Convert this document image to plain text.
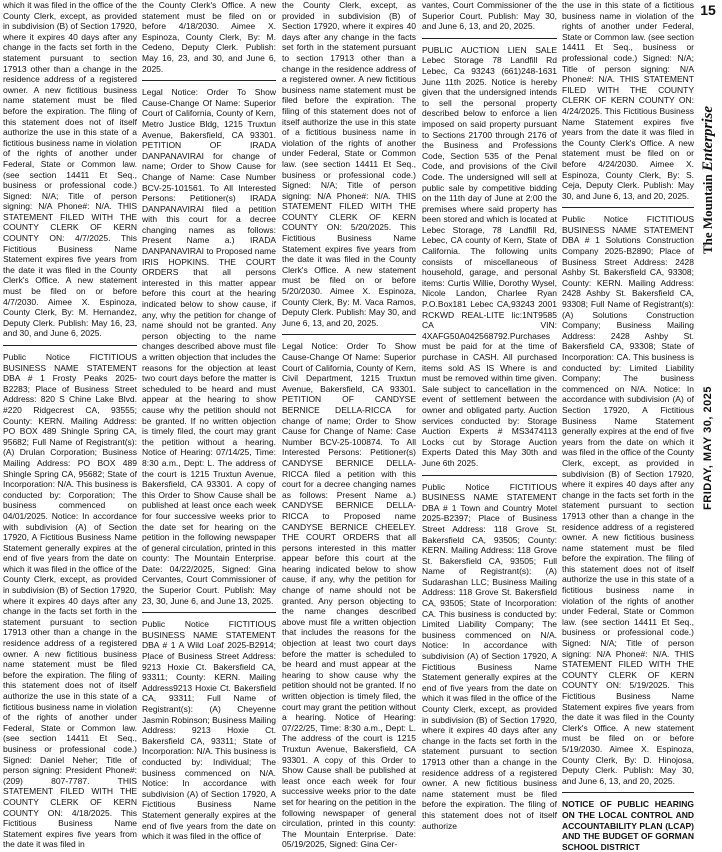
which it was filed in the office of the County Clerk, except, as provided in subdivision (B) of Section 17920, where it expires 40 days after any change in the facts set forth in the statement pursuant to section 17913 other than a change in the residence address of a registered owner. A new fictitious business name statement must be filed before the expiration. The filing of this statement does not of itself authorize the use in this state of a fictitious business name in violation of the rights of another under Federal, State or Common law. (see section 14411 Et Seq., business or professional code.) Signed: N/A; Title of person signing: N/A Phone#: N/A. THIS STATEMENT FILED WITH THE COUNTY CLERK OF KERN COUNTY ON: 4/7/2025. This Fictitious Business Name Statement expires five years from the date it was filed in the County Clerk's Office. A new statement must be filed on or before 4/7/2030. Aimee X. Espinoza, County Clerk, By: M. Hernandez, Deputy Clerk. Publish: May 16, 23, and 30, and June 6, 2025.
Public Notice FICTITIOUS BUSINESS NAME STATEMENT DBA # 1 Frosty Peaks 2025-B2283; Place of Business Street Address: 820 S Chine Lake Blvd. #220 Ridgecrest CA, 93555; County: KERN. Mailing Address: PO BOX 489 Shingle Spring CA, 95682; Full Name of Registrant(s): (A) Drulan Corporation; Business Mailing Address: PO BOX 489 Shingle Spring CA, 95682; State of Incorporation: N/A. This business is conducted by: Corporation; The business commenced on 04/01/2025. Notice: In accordance with subdivision (A) of Section 17920, A Fictitious Business Name Statement generally expires at the end of five years from the date on which it was filed in the office of the County Clerk, except, as provided in subdivision (B) of Section 17920, where it expires 40 days after any change in the facts set forth in the statement pursuant to section 17913 other than a change in the residence address of a registered owner. A new fictitious business name statement must be filed before the expiration. The filing of this statement does not of itself authorize the use in this state of a fictitious business name in violation of the rights of another under Federal, State or Common law. (see section 14411 Et Seq., business or professional code.) Signed: Daniel Neher; Title of person signing: President Phone#: (209) 807-7787. THIS STATEMENT FILED WITH THE COUNTY CLERK OF KERN COUNTY ON: 4/18/2025. This Fictitious Business Name Statement expires five years from the date it was filed in
the County Clerk's Office. A new statement must be filed on or before 4/18/2030. Aimee X. Espinoza, County Clerk, By: M. Cedeno, Deputy Clerk. Publish: May 16, 23, and 30, and June 6, 2025.
Legal Notice: Order To Show Cause-Change Of Name: Superior Court of California, County of Kern, Metro Justice Bldg, 1215 Truxtun Avenue, Bakersfield, CA 93301. PETITION OF IRADA DANPANAVIRAI for change of name; Order to Show Cause for Change of Name: Case Number BCV-25-101561. To All Interested Persons: Petitioner(s) IRADA DANPANAVIRAI filed a petition with this court for a decree changing names as follows: Present Name a.) IRADA DANPANAVIRAI to Proposed name IRIS HOPKINS. THE COURT ORDERS that all persons interested in this matter appear before this court at the hearing indicated below to show cause, if any, why the petition for change of name should not be granted. Any person objecting to the name changes described above must file a written objection that includes the reasons for the objection at least two court days before the matter is scheduled to be heard and must appear at the hearing to show cause why the petition should not be granted. If no written objection is timely filed, the court may grant the petition without a hearing. Notice of Hearing: 07/14/25, Time: 8:30 a.m., Dept: L. The address of the court is 1215 Truxtun Avenue, Bakersfield, CA 93301. A copy of this Order to Show Cause shall be published at least once each week for four successive weeks prior to the date set for hearing on the petition in the following newspaper of general circulation, printed in this county: The Mountain Enterprise. Date: 04/22/2025, Signed: Gina Cervantes, Court Commissioner of the Superior Court. Publish: May 23, 30, June 6, and June 13, 2025.
Public Notice FICTITIOUS BUSINESS NAME STATEMENT DBA # 1 A Wild Loaf 2025-B2914; Place of Business Street Address: 9213 Hoxie Ct. Bakersfield CA, 93311; County: KERN. Mailing Address9213 Hoxie Ct. Bakersfield CA, 93311; Full Name of Registrant(s): (A) Cheyenne Jasmin Robinson; Business Mailing Address: 9213 Hoxie Ct. Bakersfield CA, 93311; State of Incorporation: N/A. This business is conducted by: Individual; The business commenced on N/A. Notice: In accordance with subdivision (A) of Section 17920, A Fictitious Business Name Statement generally expires at the end of five years from the date on which it was filed in the office of
the County Clerk, except, as provided in subdivision (B) of Section 17920, where it expires 40 days after any change in the facts set forth in the statement pursuant to section 17913 other than a change in the residence address of a registered owner. A new fictitious business name statement must be filed before the expiration. The filing of this statement does not of itself authorize the use in this state of a fictitious business name in violation of the rights of another under Federal, State or Common law. (see section 14411 Et Seq., business or professional code.) Signed: N/A; Title of person signing: N/A Phone#: N/A. THIS STATEMENT FILED WITH THE COUNTY CLERK OF KERN COUNTY ON: 5/20/2025. This Fictitious Business Name Statement expires five years from the date it was filed in the County Clerk's Office. A new statement must be filed on or before 5/20/2030. Aimee X. Espinoza, County Clerk, By: M. Vaca Ramos, Deputy Clerk. Publish: May 30, and June 6, 13, and 20, 2025.
Legal Notice: Order To Show Cause-Change Of Name: Superior Court of California, County of Kern, Civil Department, 1215 Truxtun Avenue, Bakersfield, CA 93301. PETITION OF CANDYSE BERNICE DELLA-RICCA for change of name; Order to Show Cause for Change of Name: Case Number BCV-25-100874. To All Interested Persons: Petitioner(s) CANDYSE BERNICE DELLA-RICCA filed a petition with this court for a decree changing names as follows: Present Name a.) CANDYSE BERNICE DELLA-RICCA to Proposed name CANDYSE BERNICE CHEELEY. THE COURT ORDERS that all persons interested in this matter appear before this court at the hearing indicated below to show cause, if any, why the petition for change of name should not be granted. Any person objecting to the name changes described above must file a written objection that includes the reasons for the objection at least two court days before the matter is scheduled to be heard and must appear at the hearing to show cause why the petition should not be granted. If no written objection is timely filed, the court may grant the petition without a hearing. Notice of Hearing: 07/22/25, Time: 8:30 a.m., Dept: L. The address of the court is 1215 Truxtun Avenue, Bakersfield, CA 93301. A copy of this Order to Show Cause shall be published at least once each week for four successive weeks prior to the date set for hearing on the petition in the following newspaper of general circulation, printed in this county: The Mountain Enterprise. Date: 05/19/2025, Signed: Gina Cer-
vantes, Court Commissioner of the Superior Court. Publish: May 30, and June 6, 13, and 20, 2025.
PUBLIC AUCTION LIEN SALE Lebec Storage 78 Landfill Rd Lebec, Ca 93243 (661)248-1631 June 11th 2025. Notice is hereby given that the undersigned intends to sell the personal property described below to enforce a lien imposed on said property pursuant to Sections 21700 through 2176 of the Business and Professions Code, Section 535 of the Penal Code, and provisions of the Civil Code. The undersigned will sell at public sale by competitive bidding on the 11th day of June at 2:00 the premises where said property has been stored and which is located at Lebec Storage, 78 Landfill Rd, Lebec, CA county of Kern, State of California. The following units consists of miscellaneous of household, garage, and personal items: Curtis Willie, Dorothy Wysel, Nicole Landon, Charlee Ryan P.O.Box181 Lebec CA,93243 2001 RCKWD REAL-LITE lic:1NT9585 CA VIN: 4XAFG50A042568792.Purchases must be paid for at the time of purchase in CASH. All purchased items sold AS IS Where is and must be removed within time given. Sale subject to cancellation in the event of settlement between the owner and obligated party. Auction services conducted by: Storage Auction Experts # MS3474113 Locks cut by Storage Auction Experts Dated this May 30th and June 6th 2025.
Public Notice FICTITIOUS BUSINESS NAME STATEMENT DBA # 1 Town and Country Motel 2025-B2397; Place of Business Street Address: 118 Grove St. Bakersfield CA, 93505; County: KERN. Mailing Address: 118 Grove St. Bakersfield CA, 93505; Full Name of Registrant(s): (A) Sudarashan LLC; Business Mailing Address: 118 Grove St. Bakersfield CA, 93505; State of Incorporation: CA. This business is conducted by: Limited Liability Company; The business commenced on N/A. Notice: In accordance with subdivision (A) of Section 17920, A Fictitious Business Name Statement generally expires at the end of five years from the date on which it was filed in the office of the County Clerk, except, as provided in subdivision (B) of Section 17920, where it expires 40 days after any change in the facts set forth in the statement pursuant to section 17913 other than a change in the residence address of a registered owner. A new fictitious business name statement must be filed before the expiration. The filing of this statement does not of itself authorize
the use in this state of a fictitious business name in violation of the rights of another under Federal, State or Common law. (see section 14411 Et Seq., business or professional code.) Signed: N/A; Title of person signing: N/A Phone#: N/A. THIS STATEMENT FILED WITH THE COUNTY CLERK OF KERN COUNTY ON: 4/24/2025. This Fictitious Business Name Statement expires five years from the date it was filed in the County Clerk's Office. A new statement must be filed on or before 4/24/2030. Aimee X. Espinoza, County Clerk, By: S. Ceja, Deputy Clerk. Publish: May 30, and June 6, 13, and 20, 2025.
Public Notice FICTITIOUS BUSINESS NAME STATEMENT DBA # 1 Solutions Construction Company 2025-B2890; Place of Business Street Address: 2428 Ashby St. Bakersfield CA, 93308; County: KERN. Mailing Address: 2428 Ashby St. Bakersfield CA, 93308; Full Name of Registrant(s): (A) Solutions Construction Company; Business Mailing Address: 2428 Ashby St. Bakersfield CA, 93308; State of Incorporation: CA. This business is conducted by: Limited Liability Company; The business commenced on N/A. Notice: In accordance with subdivision (A) of Section 17920, A Fictitious Business Name Statement generally expires at the end of five years from the date on which it was filed in the office of the County Clerk, except, as provided in subdivision (B) of Section 17920, where it expires 40 days after any change in the facts set forth in the statement pursuant to section 17913 other than a change in the residence address of a registered owner. A new fictitious business name statement must be filed before the expiration. The filing of this statement does not of itself authorize the use in this state of a fictitious business name in violation of the rights of another under Federal, State or Common law. (see section 14411 Et Seq., business or professional code.) Signed: N/A; Title of person signing: N/A Phone#: N/A. THIS STATEMENT FILED WITH THE COUNTY CLERK OF KERN COUNTY ON: 5/19/2025. This Fictitious Business Name Statement expires five years from the date it was filed in the County Clerk's Office. A new statement must be filed on or before 5/19/2030. Aimee X. Espinoza, County Clerk, By: D. Hinojosa, Deputy Clerk. Publish: May 30, and June 6, 13, and 20, 2025.
NOTICE OF PUBLIC HEARING ON THE LOCAL CONTROL AND ACCOUNTABILITY PLAN (LCAP) AND THE BUDGET OF GORMAN SCHOOL DISTRICT
15
The Mountain Enterprise
FRIDAY, MAY 30, 2025
